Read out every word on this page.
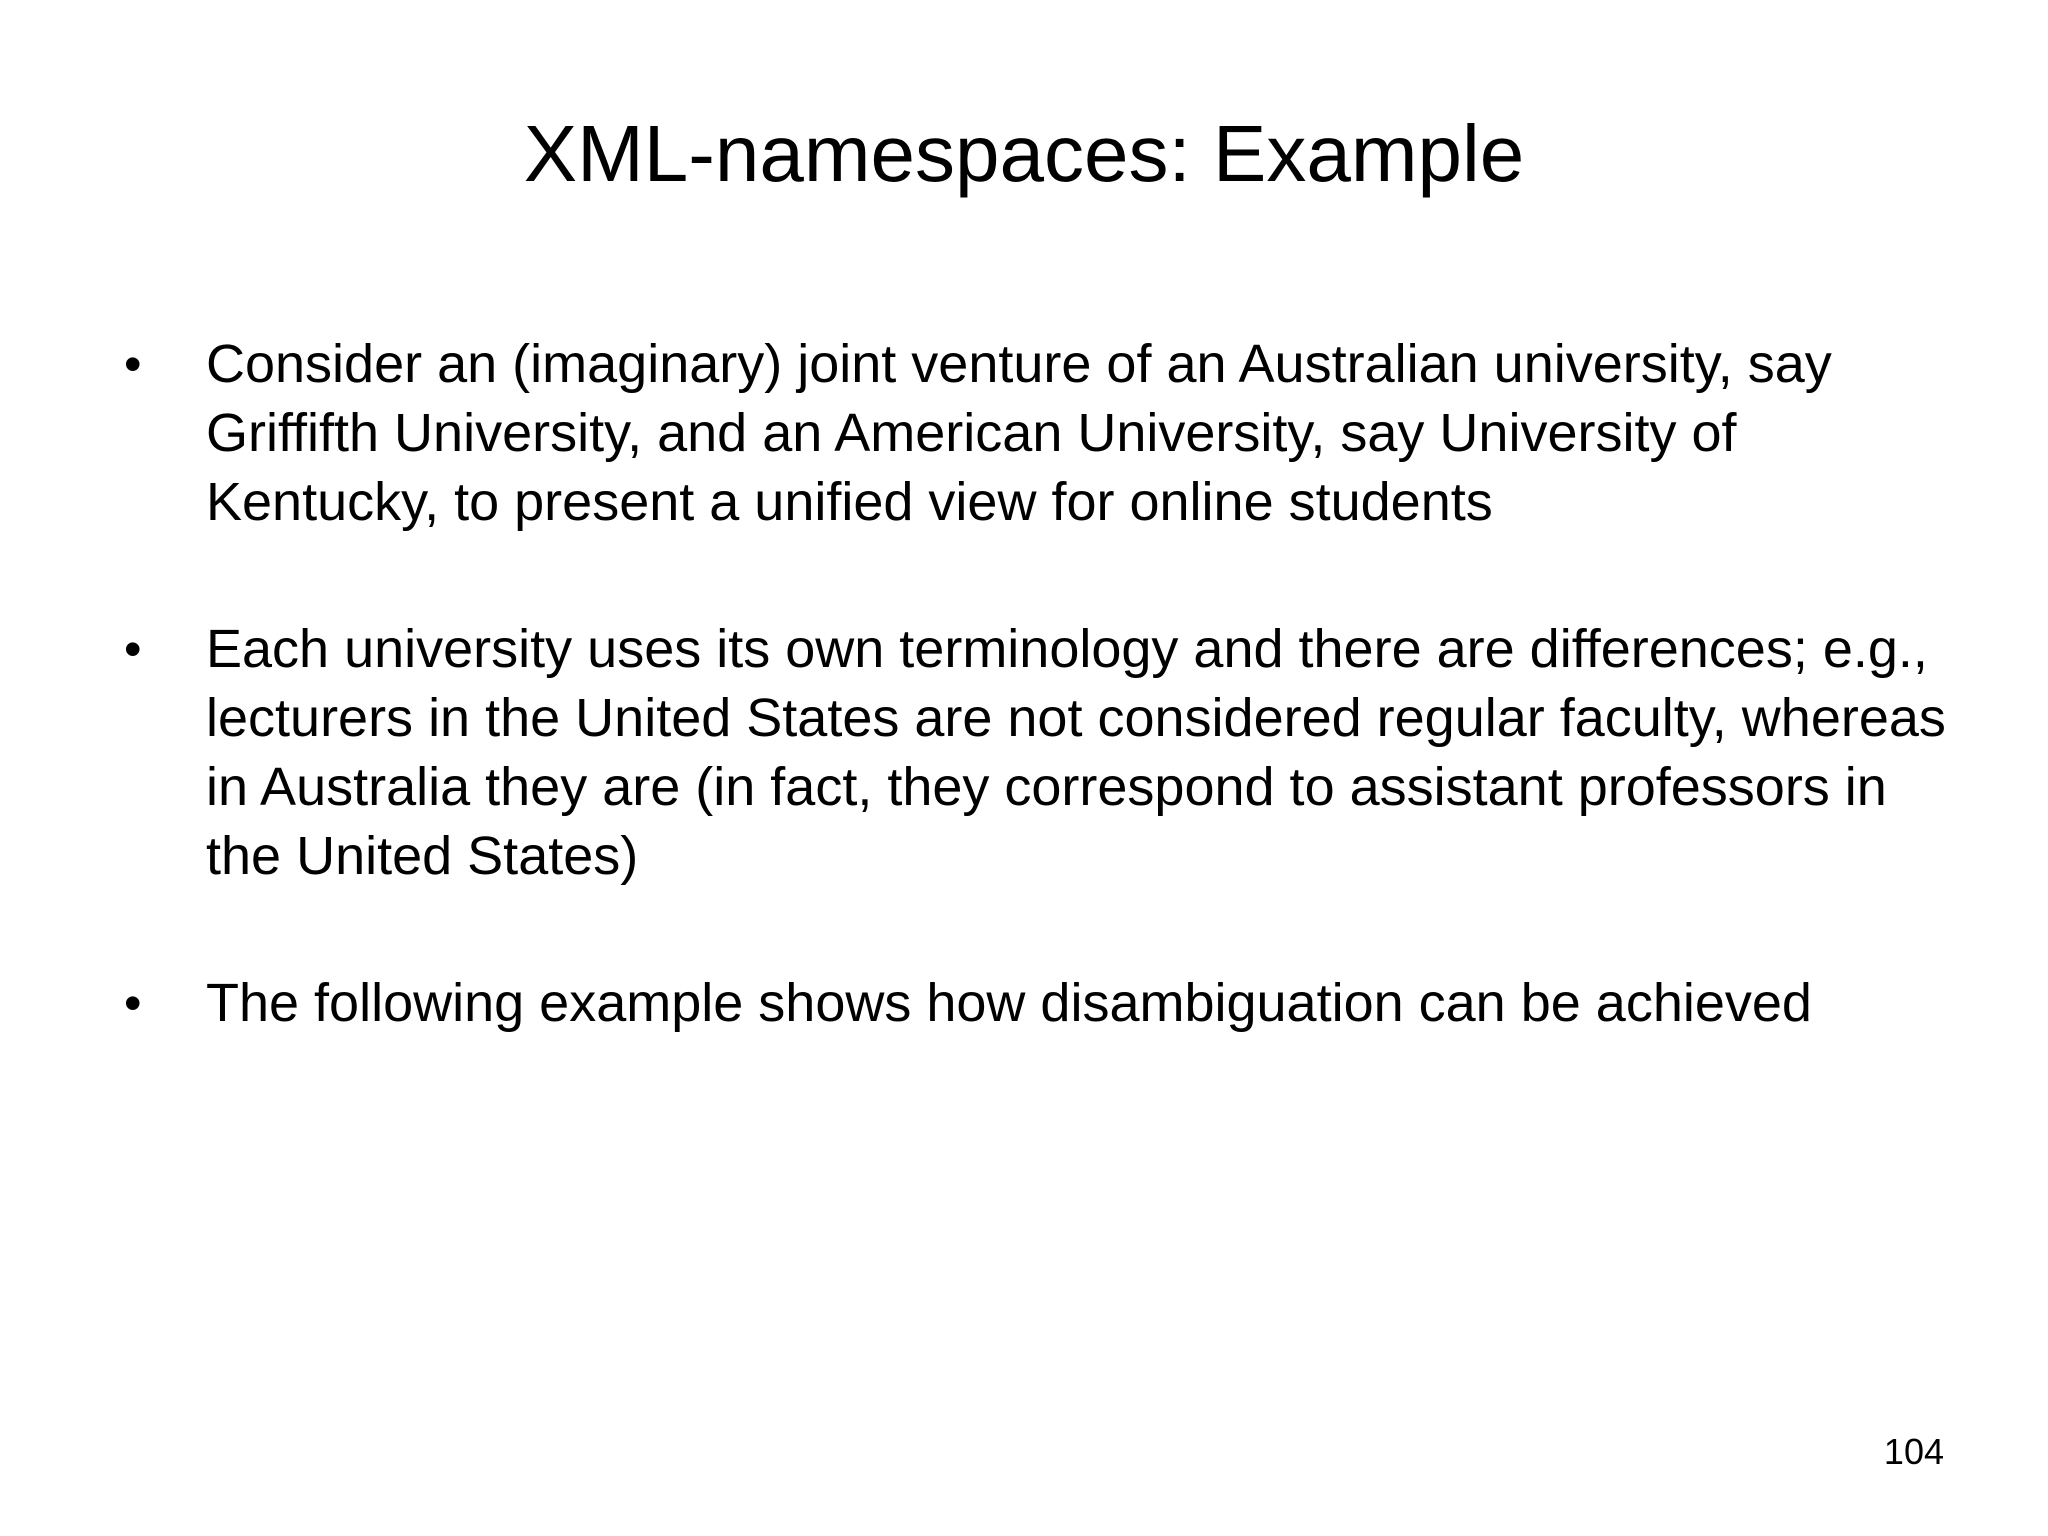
XML-namespaces: Example
•	Consider an (imaginary) joint venture of an Australian university, say Griffifth University, and an American University, say University of Kentucky, to present a unified view for online students
•	Each university uses its own terminology and there are differences; e.g., lecturers in the United States are not considered regular faculty, whereas in Australia they are (in fact, they correspond to assistant professors in the United States)
•	The following example shows how disambiguation can be achieved
104
